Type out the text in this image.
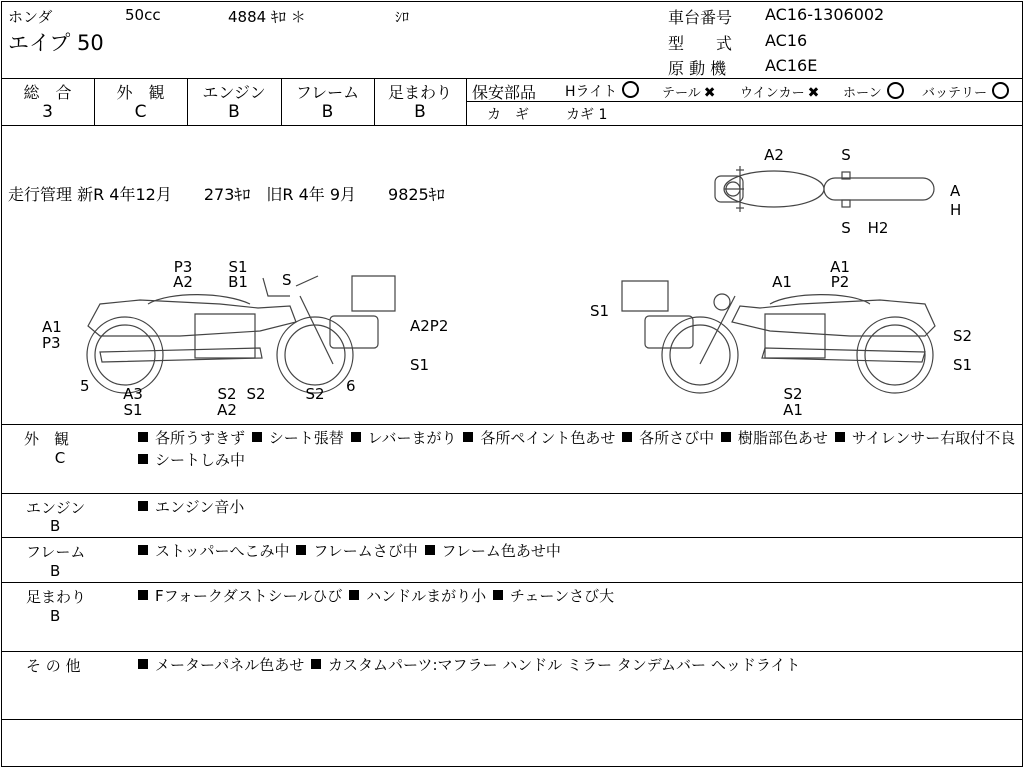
ホンダ	50cc	4884 ｷﾛ ＊	ｼﾛ
エイプ 50
車台番号 AC16-1306002
型　　式 AC16
原 動 機 AC16E
総　合
3
外　観
C
エンジン
B
フレーム
B
足まわり
B
保安部品 Hライト	テール ✖ ウインカー ✖ ホーン	バッテリー
カ　ギ	カギ 1
走行管理 新R 4年12月　　273ｷﾛ　旧R 4年 9月　　9825ｷﾛ
A2	S
S H2
A
H
P3
A2
S1
B1 S
A1
P3
A2P2
S1
5 A3
S1
S2
A2
S2	S2 6
A1	P2
A1
S1
S2
S1
S2
A1
外　観
C
各所うすきず シート張替 レバーまがり 各所ペイント色あせ 各所さび中 樹脂部色あせ サイレンサー右取付不良 シートしみ中
エンジン
B
エンジン音小
フレーム
B
ストッパーへこみ中 フレームさび中 フレーム色あせ中
足まわり
B
Fフォークダストシールひび ハンドルまがり小 チェーンさび大
そ の 他	メーターパネル色あせ カスタムパーツ:マフラー ハンドル ミラー タンデムバー ヘッドライト
